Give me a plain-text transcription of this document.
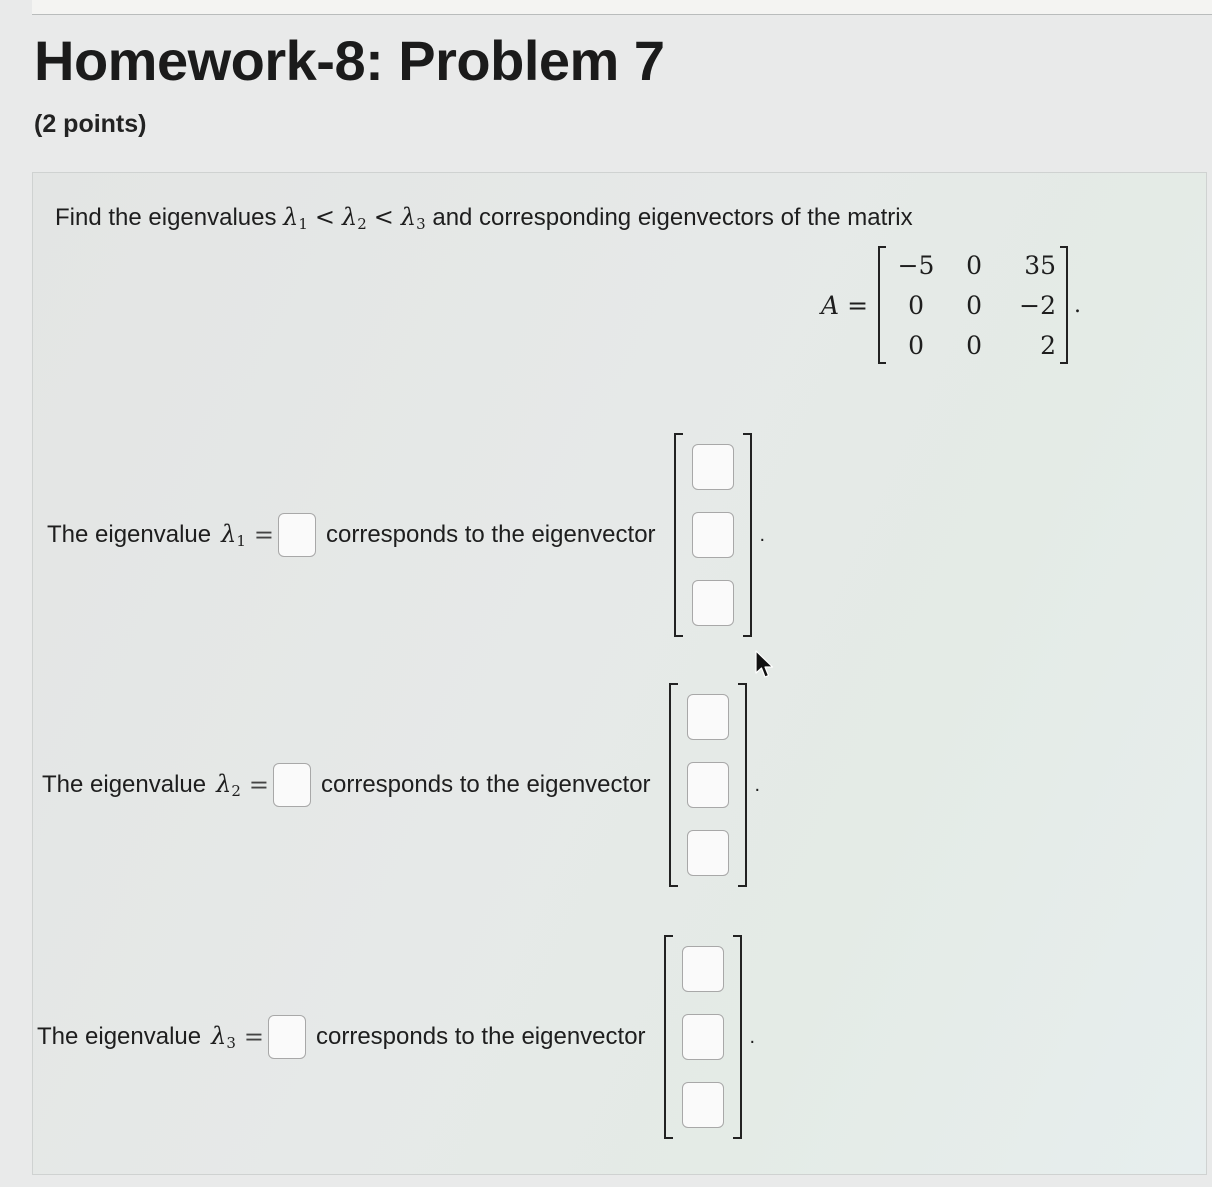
Homework-8: Problem 7
(2 points)
Find the eigenvalues $\lambda_1 < \lambda_2 < \lambda_3$ and corresponding eigenvectors of the matrix
A =
−5	0	35
0	0	−2
0	0	2
.
The eigenvalue $\lambda_1$ = corresponds to the eigenvector	.
The eigenvalue $\lambda_2$ = corresponds to the eigenvector	.
The eigenvalue $\lambda_3$ = corresponds to the eigenvector	.
